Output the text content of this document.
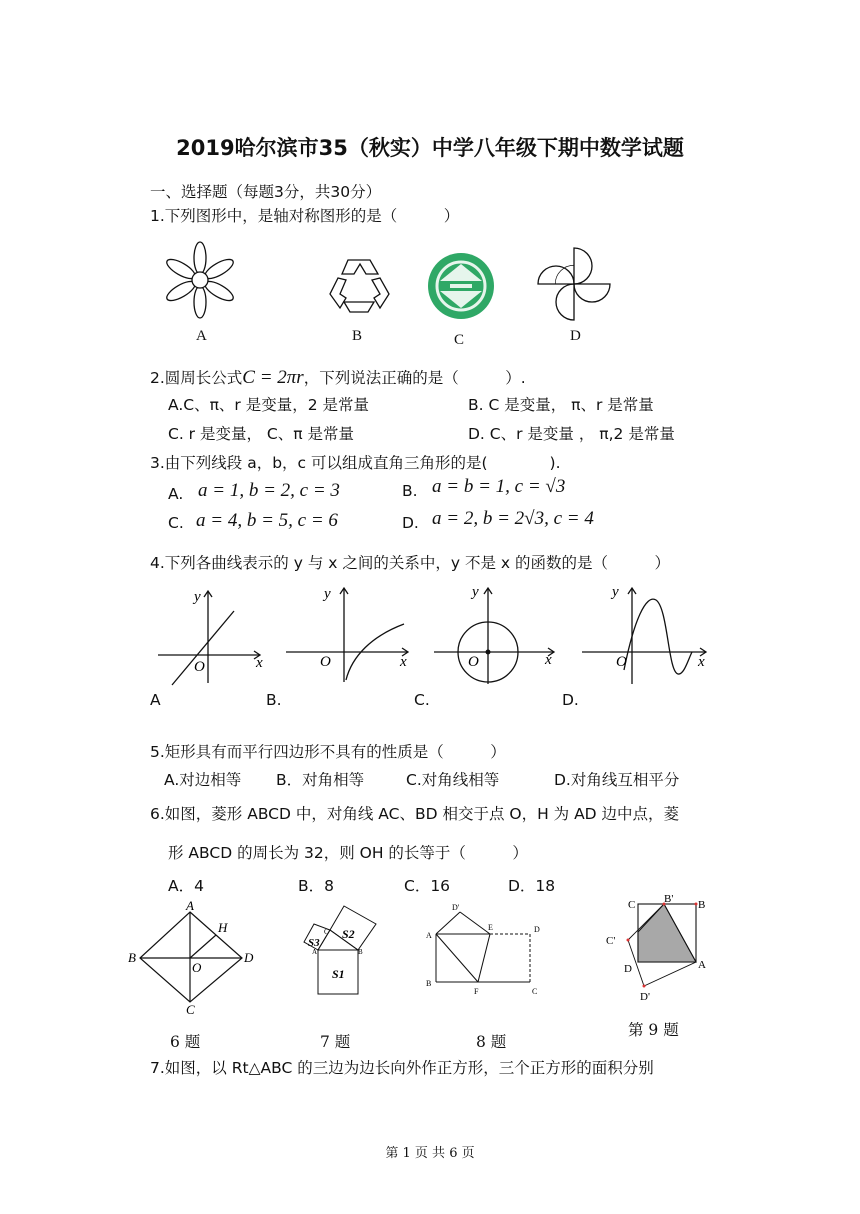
2019哈尔滨市35（秋实）中学八年级下期中数学试题
一、选择题（每题3分，共30分）
1.下列图形中，是轴对称图形的是（　　　）
A	B	C	D
2.圆周长公式C = 2πr，下列说法正确的是（　　　）.
A.C、π、r 是变量，2 是常量	B. C 是变量， π、r 是常量
C. r 是变量， C、π 是常量	D. C、r 是变量 ， π,2 是常量
3.由下列线段 a，b，c 可以组成直角三角形的是(　　　　).
A. a = 1, b = 2, c = 3	B. a = b = 1, c = √3
C. a = 4, b = 5, c = 6	D. a = 2, b = 2√3, c = 4
4.下列各曲线表示的 y 与 x 之间的关系中，y 不是 x 的函数的是（　　　）
y
x
O
y
x
O
y
x
O
y
x
O
A	B.	C.	D.
5.矩形具有而平行四边形不具有的性质是（　　　）
A.对边相等 B．对角相等	C.对角线相等	D.对角线互相平分
6.如图，菱形 ABCD 中，对角线 AC、BD 相交于点 O，H 为 AD 边中点，菱
形 ABCD 的周长为 32，则 OH 的长等于（　　　）
A．4	B．8	C．16	D．18
A
B
C
D
H
O
S2
S3
S1
C
A	B
D'
A
E	D
B
F	C
C	B' B
C'
D	A
D'
6 题	7 题	8 题
第 9 题
7.如图，以 Rt△ABC 的三边为边长向外作正方形，三个正方形的面积分别
第 1 页 共 6 页
